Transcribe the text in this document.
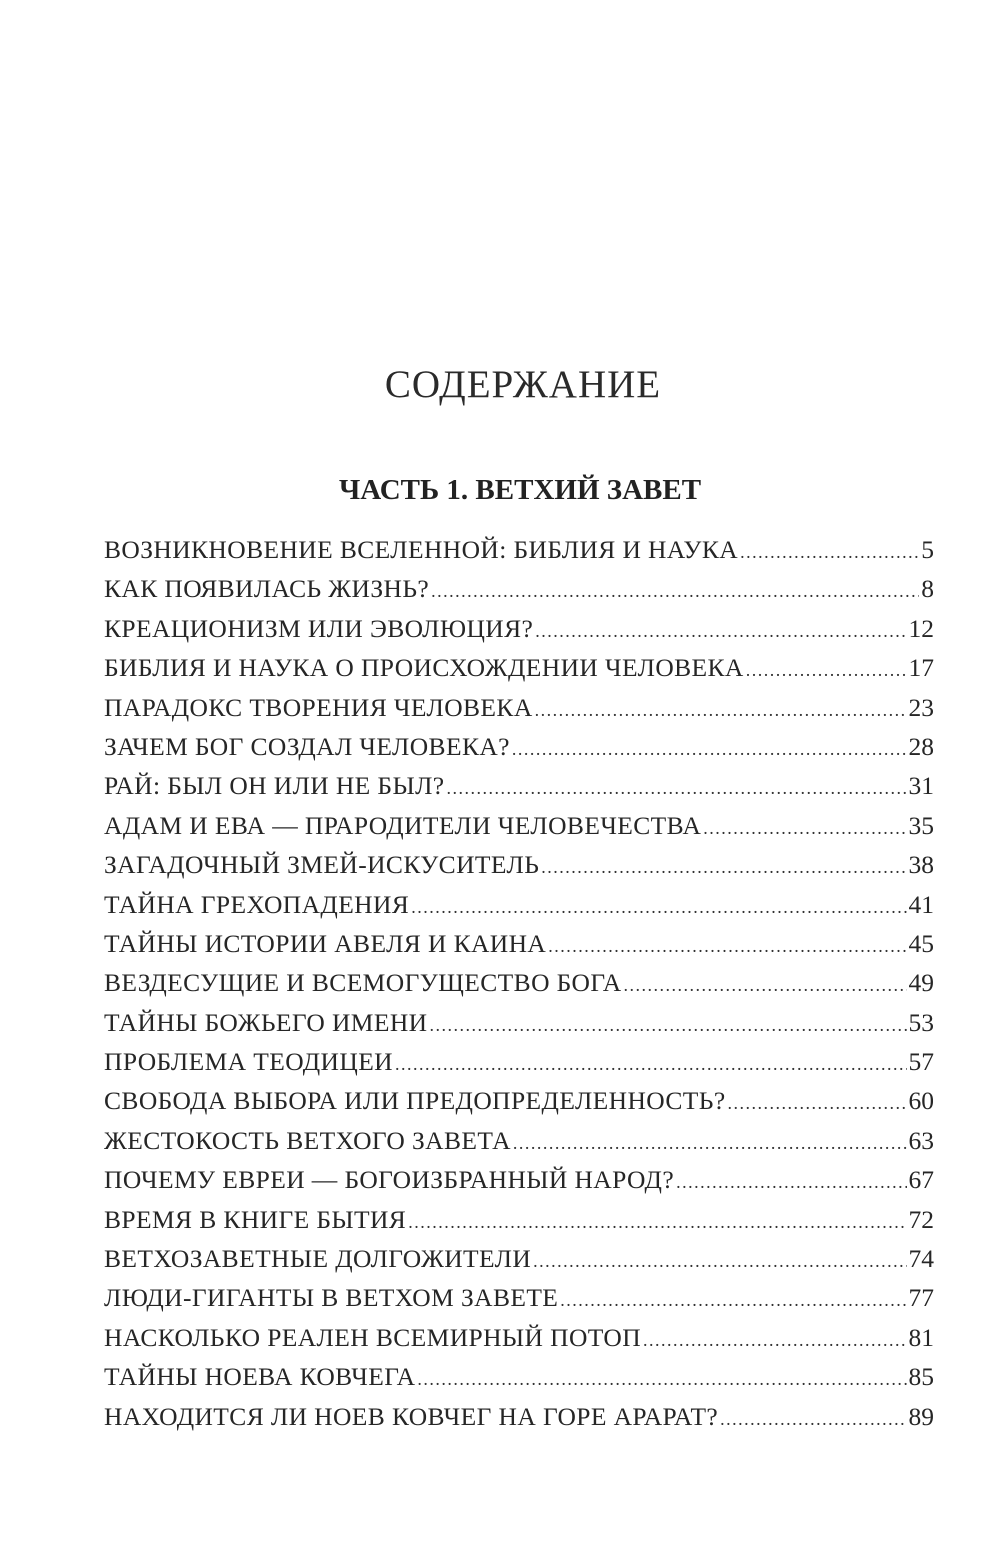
СОДЕРЖАНИЕ
ЧАСТЬ 1. ВЕТХИЙ ЗАВЕТ
ВОЗНИКНОВЕНИЕ ВСЕЛЕННОЙ: БИБЛИЯ И НАУКА .....	5
КАК ПОЯВИЛАСЬ ЖИЗНЬ? .....	8
КРЕАЦИОНИЗМ ИЛИ ЭВОЛЮЦИЯ? .....	12
БИБЛИЯ И НАУКА О ПРОИСХОЖДЕНИИ ЧЕЛОВЕКА .....	17
ПАРАДОКС ТВОРЕНИЯ ЧЕЛОВЕКА .....	23
ЗАЧЕМ БОГ СОЗДАЛ ЧЕЛОВЕКА? .....	28
РАЙ: БЫЛ ОН ИЛИ НЕ БЫЛ? .....	31
АДАМ И ЕВА — ПРАРОДИТЕЛИ ЧЕЛОВЕЧЕСТВА .....	35
ЗАГАДОЧНЫЙ ЗМЕЙ-ИСКУСИТЕЛЬ .....	38
ТАЙНА ГРЕХОПАДЕНИЯ .....	41
ТАЙНЫ ИСТОРИИ АВЕЛЯ И КАИНА .....	45
ВЕЗДЕСУЩИЕ И ВСЕМОГУЩЕСТВО БОГА .....	49
ТАЙНЫ БОЖЬЕГО ИМЕНИ .....	53
ПРОБЛЕМА ТЕОДИЦЕИ .....	57
СВОБОДА ВЫБОРА ИЛИ ПРЕДОПРЕДЕЛЕННОСТЬ? .....	60
ЖЕСТОКОСТЬ ВЕТХОГО ЗАВЕТА .....	63
ПОЧЕМУ ЕВРЕИ — БОГОИЗБРАННЫЙ НАРОД? .....	67
ВРЕМЯ В КНИГЕ БЫТИЯ .....	72
ВЕТХОЗАВЕТНЫЕ ДОЛГОЖИТЕЛИ .....	74
ЛЮДИ-ГИГАНТЫ В ВЕТХОМ ЗАВЕТЕ .....	77
НАСКОЛЬКО РЕАЛЕН ВСЕМИРНЫЙ ПОТОП .....	81
ТАЙНЫ НОЕВА КОВЧЕГА .....	85
НАХОДИТСЯ ЛИ НОЕВ КОВЧЕГ НА ГОРЕ АРАРАТ? .....	89
